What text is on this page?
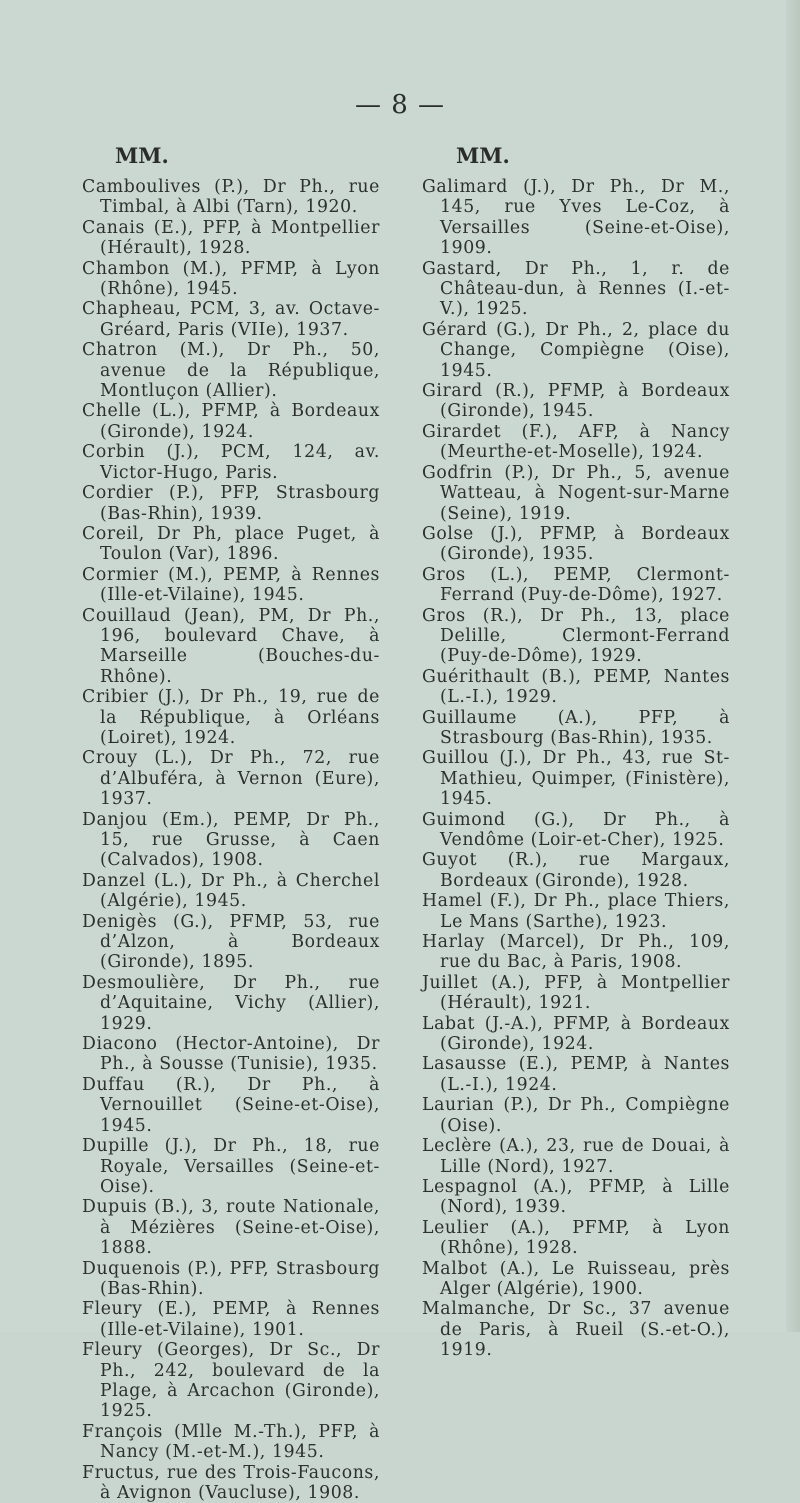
— 8 —
MM.
Camboulives (P.), Dr Ph., rue Timbal, à Albi (Tarn), 1920.
Canais (E.), PFP, à Montpellier (Hérault), 1928.
Chambon (M.), PFMP, à Lyon (Rhône), 1945.
Chapheau, PCM, 3, av. Octave-Gréard, Paris (VIIe), 1937.
Chatron (M.), Dr Ph., 50, avenue de la République, Montluçon (Allier).
Chelle (L.), PFMP, à Bordeaux (Gironde), 1924.
Corbin (J.), PCM, 124, av. Victor-Hugo, Paris.
Cordier (P.), PFP, Strasbourg (Bas-Rhin), 1939.
Coreil, Dr Ph, place Puget, à Toulon (Var), 1896.
Cormier (M.), PEMP, à Rennes (Ille-et-Vilaine), 1945.
Couillaud (Jean), PM, Dr Ph., 196, boulevard Chave, à Marseille (Bouches-du-Rhône).
Cribier (J.), Dr Ph., 19, rue de la République, à Orléans (Loiret), 1924.
Crouy (L.), Dr Ph., 72, rue d’Albuféra, à Vernon (Eure), 1937.
Danjou (Em.), PEMP, Dr Ph., 15, rue Grusse, à Caen (Calvados), 1908.
Danzel (L.), Dr Ph., à Cherchel (Algérie), 1945.
Denigès (G.), PFMP, 53, rue d’Alzon, à Bordeaux (Gironde), 1895.
Desmoulière, Dr Ph., rue d’Aquitaine, Vichy (Allier), 1929.
Diacono (Hector-Antoine), Dr Ph., à Sousse (Tunisie), 1935.
Duffau (R.), Dr Ph., à Vernouillet (Seine-et-Oise), 1945.
Dupille (J.), Dr Ph., 18, rue Royale, Versailles (Seine-et-Oise).
Dupuis (B.), 3, route Nationale, à Mézières (Seine-et-Oise), 1888.
Duquenois (P.), PFP, Strasbourg (Bas-Rhin).
Fleury (E.), PEMP, à Rennes (Ille-et-Vilaine), 1901.
Fleury (Georges), Dr Sc., Dr Ph., 242, boulevard de la Plage, à Arcachon (Gironde), 1925.
François (Mlle M.-Th.), PFP, à Nancy (M.-et-M.), 1945.
Fructus, rue des Trois-Faucons, à Avignon (Vaucluse), 1908.
MM.
Galimard (J.), Dr Ph., Dr M., 145, rue Yves Le-Coz, à Versailles (Seine-et-Oise), 1909.
Gastard, Dr Ph., 1, r. de Château-dun, à Rennes (I.-et-V.), 1925.
Gérard (G.), Dr Ph., 2, place du Change, Compiègne (Oise), 1945.
Girard (R.), PFMP, à Bordeaux (Gironde), 1945.
Girardet (F.), AFP, à Nancy (Meurthe-et-Moselle), 1924.
Godfrin (P.), Dr Ph., 5, avenue Watteau, à Nogent-sur-Marne (Seine), 1919.
Golse (J.), PFMP, à Bordeaux (Gironde), 1935.
Gros (L.), PEMP, Clermont-Ferrand (Puy-de-Dôme), 1927.
Gros (R.), Dr Ph., 13, place Delille, Clermont-Ferrand (Puy-de-Dôme), 1929.
Guérithault (B.), PEMP, Nantes (L.-I.), 1929.
Guillaume (A.), PFP, à Strasbourg (Bas-Rhin), 1935.
Guillou (J.), Dr Ph., 43, rue St-Mathieu, Quimper, (Finistère), 1945.
Guimond (G.), Dr Ph., à Vendôme (Loir-et-Cher), 1925.
Guyot (R.), rue Margaux, Bordeaux (Gironde), 1928.
Hamel (F.), Dr Ph., place Thiers, Le Mans (Sarthe), 1923.
Harlay (Marcel), Dr Ph., 109, rue du Bac, à Paris, 1908.
Juillet (A.), PFP, à Montpellier (Hérault), 1921.
Labat (J.-A.), PFMP, à Bordeaux (Gironde), 1924.
Lasausse (E.), PEMP, à Nantes (L.-I.), 1924.
Laurian (P.), Dr Ph., Compiègne (Oise).
Leclère (A.), 23, rue de Douai, à Lille (Nord), 1927.
Lespagnol (A.), PFMP, à Lille (Nord), 1939.
Leulier (A.), PFMP, à Lyon (Rhône), 1928.
Malbot (A.), Le Ruisseau, près Alger (Algérie), 1900.
Malmanche, Dr Sc., 37 avenue de Paris, à Rueil (S.-et-O.), 1919.
